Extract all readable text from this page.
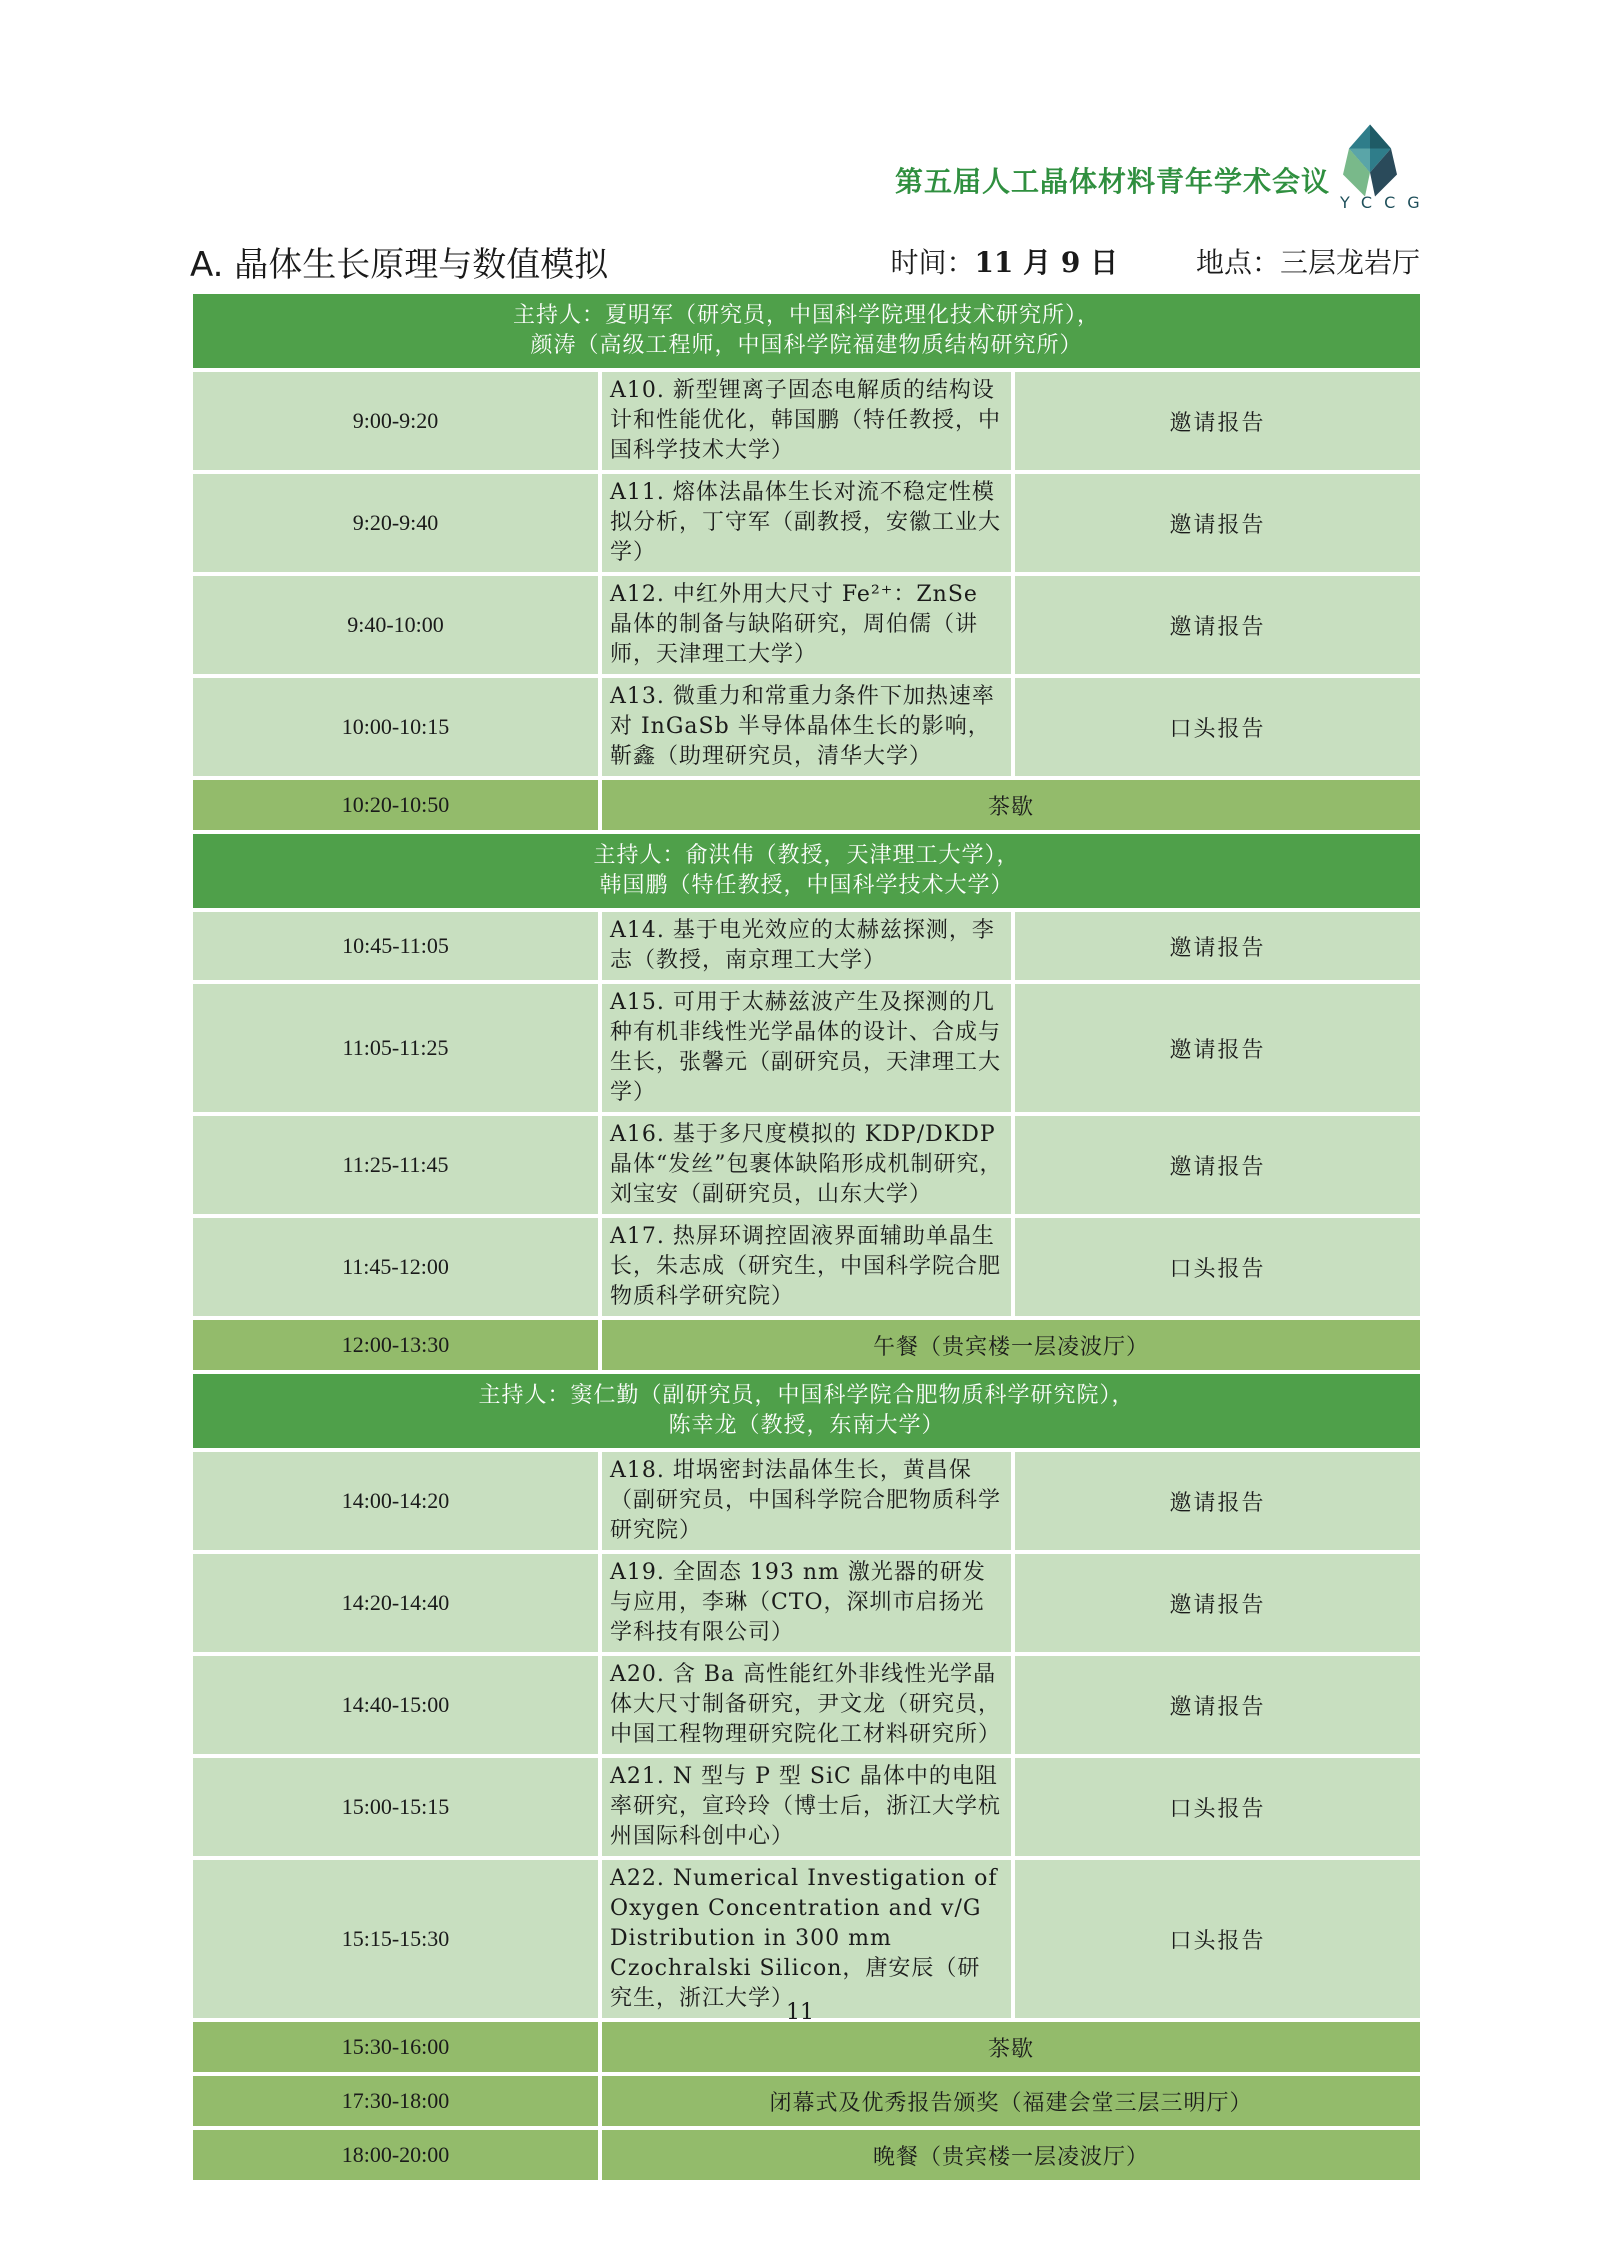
第五届人工晶体材料青年学术会议
YCCG
A. 晶体生长原理与数值模拟	时间：11 月 9 日	地点：三层龙岩厅
主持人：夏明军（研究员，中国科学院理化技术研究所），
颜涛（高级工程师，中国科学院福建物质结构研究所）		

9:00-9:20	A10. 新型锂离子固态电解质的结构设计和性能优化，韩国鹏（特任教授，中国科学技术大学）	邀请报告
9:20-9:40	A11. 熔体法晶体生长对流不稳定性模拟分析，丁守军（副教授，安徽工业大学）	邀请报告
9:40-10:00	A12. 中红外用大尺寸 Fe²⁺：ZnSe 晶体的制备与缺陷研究，周伯儒（讲师，天津理工大学）	邀请报告
10:00-10:15	A13. 微重力和常重力条件下加热速率对 InGaSb 半导体晶体生长的影响，靳鑫（助理研究员，清华大学）	口头报告
10:20-10:50	茶歇	

主持人：俞洪伟（教授，天津理工大学），
韩国鹏（特任教授，中国科学技术大学）		

10:45-11:05	A14. 基于电光效应的太赫兹探测，李志（教授，南京理工大学）	邀请报告
11:05-11:25	A15. 可用于太赫兹波产生及探测的几种有机非线性光学晶体的设计、合成与生长，张馨元（副研究员，天津理工大学）	邀请报告
11:25-11:45	A16. 基于多尺度模拟的 KDP/DKDP 晶体“发丝”包裹体缺陷形成机制研究，刘宝安（副研究员，山东大学）	邀请报告
11:45-12:00	A17. 热屏环调控固液界面辅助单晶生长，朱志成（研究生，中国科学院合肥物质科学研究院）	口头报告
12:00-13:30	午餐（贵宾楼一层凌波厅）	

主持人：窦仁勤（副研究员，中国科学院合肥物质科学研究院），
陈幸龙（教授，东南大学）		

14:00-14:20	A18. 坩埚密封法晶体生长，黄昌保（副研究员，中国科学院合肥物质科学研究院）	邀请报告
14:20-14:40	A19. 全固态 193 nm 激光器的研发与应用，李琳（CTO，深圳市启扬光学科技有限公司）	邀请报告
14:40-15:00	A20. 含 Ba 高性能红外非线性光学晶体大尺寸制备研究，尹文龙（研究员，中国工程物理研究院化工材料研究所）	邀请报告
15:00-15:15	A21. N 型与 P 型 SiC 晶体中的电阻率研究，宣玲玲（博士后，浙江大学杭州国际科创中心）	口头报告
15:15-15:30	A22. Numerical Investigation of Oxygen Concentration and v/G Distribution in 300 mm Czochralski Silicon，唐安辰（研究生，浙江大学）	口头报告
15:30-16:00	茶歇	
17:30-18:00	闭幕式及优秀报告颁奖（福建会堂三层三明厅）	
18:00-20:00	晚餐（贵宾楼一层凌波厅）	
11
